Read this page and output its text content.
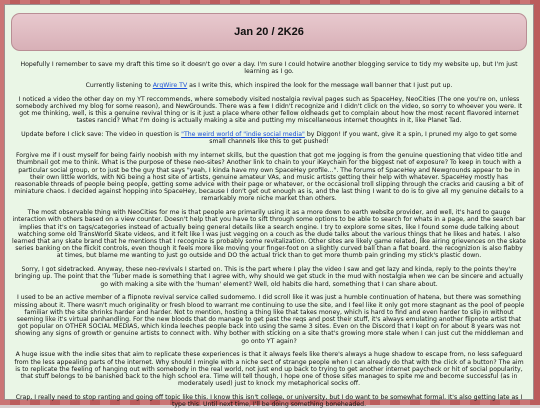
Jan 20 / 2K26

Hopefully I remember to save my draft this time so it doesn't go over a day. I'm sure I could hotwire another blogging service to tidy my website up, but I'm just learning as I go.

Currently listening to ArgWire TV as I write this, which inspired the look for the message wall banner that I just put up.

I noticed a video the other day on my YT reccommends, where somebody visited nostalgia revival pages such as SpaceHey, NeoCities (The one you're on, unless somebody archived my blog for some reason), and NewGrounds. There was a few I didn't recognize and I didn't click on the video, so sorry to whoever you were. It got me thinking, well, is this a genuine revival thing or is it just a place where other fellow oldheads get to complain about how the most recent flavored internet tastes rancid? What I'm doing is actually making a site and putting my miscellaneous internet thoughts in it, like Planet Tad.

Update before I click save: The video in question is "The weird world of "indie social media" by Diggon! If you want, give it a spin, I pruned my algo to get some small channels like this to get pushed!

Forgive me if I oust myself for being fairly noobish with my internet skills, but the question that got me jogging is from the genuine questioning that video title and thumbnail got me to think. What is the purpose of these neo-sites? Another link to chain to your iKeychain for the biggest net of exposure? To keep in touch with a particular social group, or to just be the guy that says "yeah, I kinda have my own SpaceHey profile...". The forums of SpaceHey and Newgrounds appear to be in their own little worlds, with NG being a host site of artists, genuine amateur VAs, and music artists getting their help with whatever. SpaceHey mostly has reasonable threads of people being people, getting some advice with their page or whatever, or the occasional troll slipping through the cracks and causing a bit of miniature chaos. I decided against hopping into SpaceHey, because I don't get out enough as is, and the last thing I want to do is to give all my genuine details to a remarkably more niche market than others.

The most observable thing with NeoCities for me is that people are primarily using it as a more down to earth website provider, and well, it's hard to gauge interaction with others based on a view counter. Doesn't help that you have to sift through some options to be able to search for whats in a page, and the search bar implies that it's on tags/categories instead of actually being general details like a search engine. I try to explore some sites, like I found some dude talking about watching some old TransWorld Skate videos, and it felt like I was just vegging on a couch as the dude talks about the various things that he likes and hates. I also learned that any skate brand that he mentions that I recognize is probably some revitalization. Other sites are likely game related, like airing grievences on the skate series banking on the flickit controls, even though it feels more like moving your finger-foot on a slightly curved ball than a flat board. the recognizion is also flabby at times, but blame me wanting to just go outside and DO the actual trick than to get more thumb pain grinding my stick's plastic down.

Sorry, I got sidetracked. Anyway, these neo-revivals I started on. This is the part where I play the video I saw and get lazy and kinda, reply to the points they're bringing up. The point that the 'Tuber made is something that I agree with, why should we get stuck in the mud with nostalgia when we can be sincere and actually go with making a site with the 'human' element? Well, old habits die hard, something that I can share about.

I used to be an active member of a flipnote revival service called sudomemo. I did scroll like it was just a humble continuation of hatena, but there was something missing about it. There wasn't much originality or fresh blood to warrant me continuing to use the site, and I feel like it only got more stagnant as the pool of people familiar with the site shrinks harder and harder. Not to mention, hosting a thing like that takes money, which is hard to find and even harder to slip in without seeming like it's virtual panhandling. For the new bloods that do manage to get past the reqs and post their stuff, it's always emulating another flipnote artist that got popular on OTHER SOCIAL MEDIAS, which kinda leeches people back into using the same 3 sites. Even on the Discord that I kept on for about 8 years was not showing any signs of growth or genuine artists to connect with. Why bother with sticking on a site that's growing more stale when I can just cut the middleman and go onto YT again?

A huge issue with the indie sites that aim to replicate these experiences is that it always feels like there's always a huge shadow to escape from, no less safeguard from the less appealing parts of the internet. Why should I mingle with a niche sect of strange people when I can already do that with the click of a button? The aim is to replicate the feeling of hanging out with somebody in the real world, not just end up back to trying to get another internet paycheck or hit of social popularity, that stuff belongs to be banished back to the high school era. Time will tell though, I hope one of those sites manages to spite me and become successful (as in moderately used) just to knock my metaphorical socks off.

Crap, I really need to stop ranting and going off topic like this. I know this isn't college, or university, but I do want to be somewhat formal. It's also getting late as I type this. Until next time, I'll be doing something boneheaded.
